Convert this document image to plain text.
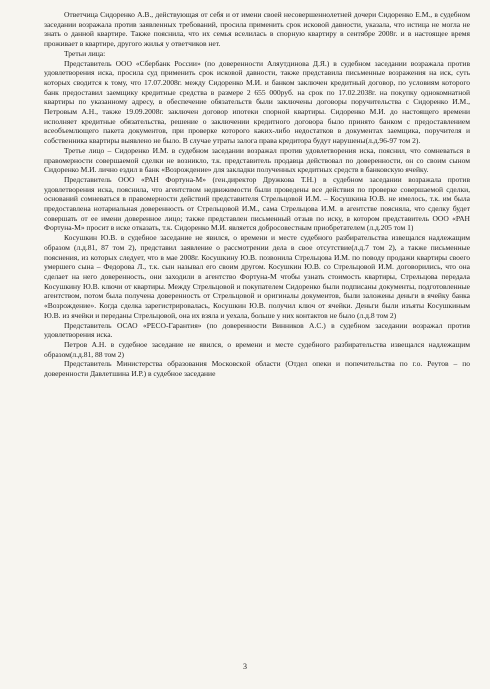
Ответчица Сидоренко А.В., действующая от себя и от имени своей несовершеннолетней дочери Сидоренко Е.М., в судебном заседании возражала против заявленных требований, просила применить срок исковой давности, указала, что истица не могла не знать о данной квартире. Также пояснила, что их семья вселилась в спорную квартиру в сентябре 2008г. и в настоящее время проживает в квартире, другого жилья у ответчиков нет.

Третьи лица:

Представитель ООО «Сбербанк России» (по доверенности Аляутдинова Д.Я.) в судебном заседании возражала против удовлетворения иска, просила суд применить срок исковой давности, также представила письменные возражения на иск, суть которых сводится к тому, что 17.07.2008г. между Сидоренко М.И. и банком заключен кредитный договор, по условиям которого банк предоставил заемщику кредитные средства в размере 2 655 000руб. на срок по 17.02.2038г. на покупку однокомнатной квартиры по указанному адресу, в обеспечение обязательств были заключены договоры поручительства с Сидоренко И.М., Петровым А.Н., также 19.09.2008г. заключен договор ипотеки спорной квартиры. Сидоренко М.И. до настоящего времени исполняет кредитные обязательства, решение о заключении кредитного договора было принято банком с предоставлением всеобъемлющего пакета документов, при проверке которого каких-либо недостатков в документах заемщика, поручителя и собственника квартиры выявлено не было. В случае утраты залога права кредитора будут нарушены(л.д.96-97 том 2).

Третье лицо – Сидоренко И.М. в судебном заседании возражал против удовлетворения иска, пояснил, что сомневаться в правомерности совершаемой сделки не возникло, т.к. представитель продавца действовал по доверенности, он со своим сыном Сидоренко М.И. лично ездил в банк «Возрождение» для закладки полученных кредитных средств в банковскую ячейку.

Представитель ООО «РАН Фортуна-М» (ген.директор Дружкова Т.Н.) в судебном заседании возражала против удовлетворения иска, пояснила, что агентством недвижимости были проведены все действия по проверке совершаемой сделки, оснований сомневаться в правомерности действий представителя Стрельцовой И.М. – Косушкина Ю.В. не имелось, т.к. им была предоставлена нотариальная доверенность от Стрельцовой И.М., сама Стрельцова И.М. в агентстве поясняла, что сделку будет совершать от ее имени доверенное лицо; также представлен письменный отзыв по иску, в котором представитель ООО «РАН Фортуна-М» просит в иске отказать, т.к. Сидоренко М.И. является добросовестным приобретателем (л.д.205 том 1)

Косушкин Ю.В. в судебное заседание не явился, о времени и месте судебного разбирательства извещался надлежащим образом (л.д.81, 87 том 2), представил заявление о рассмотрении дела в свое отсутствие(л.д.7 том 2), а также письменные пояснения, из которых следует, что в мае 2008г. Косушкину Ю.В. позвонила Стрельцова И.М. по поводу продажи квартиры своего умершего сына – Федорова Л., т.к. сын называл его своим другом. Косушкин Ю.В. со Стрельцовой И.М. договорились, что она сделает на него доверенность, они заходили в агентство Фортуна-М чтобы узнать стоимость квартиры, Стрельцова передала Косушкину Ю.В. ключи от квартиры. Между Стрельцовой и покупателем Сидоренко были подписаны документы, подготовленные агентством, потом была получена доверенность от Стрельцовой и оригиналы документов, были заложены деньги в ячейку банка «Возрождение». Когда сделка зарегистрировалась, Косушкин Ю.В. получил ключ от ячейки. Деньги были изъяты Косушкиным Ю.В. из ячейки и переданы Стрельцовой, она их взяла и уехала, больше у них контактов не было (л.д.8 том 2)

Представитель ОСАО «РЕСО-Гарантия» (по доверенности Винников А.С.) в судебном заседании возражал против удовлетворения иска.

Петров А.Н. в судебное заседание не явился, о времени и месте судебного разбирательства извещался надлежащим образом(л.д.81, 88 том 2)

Представитель Министерства образования Московской области (Отдел опеки и попечительства по г.о. Реутов – по доверенности Давлетшина И.Р.) в судебное заседание

3
